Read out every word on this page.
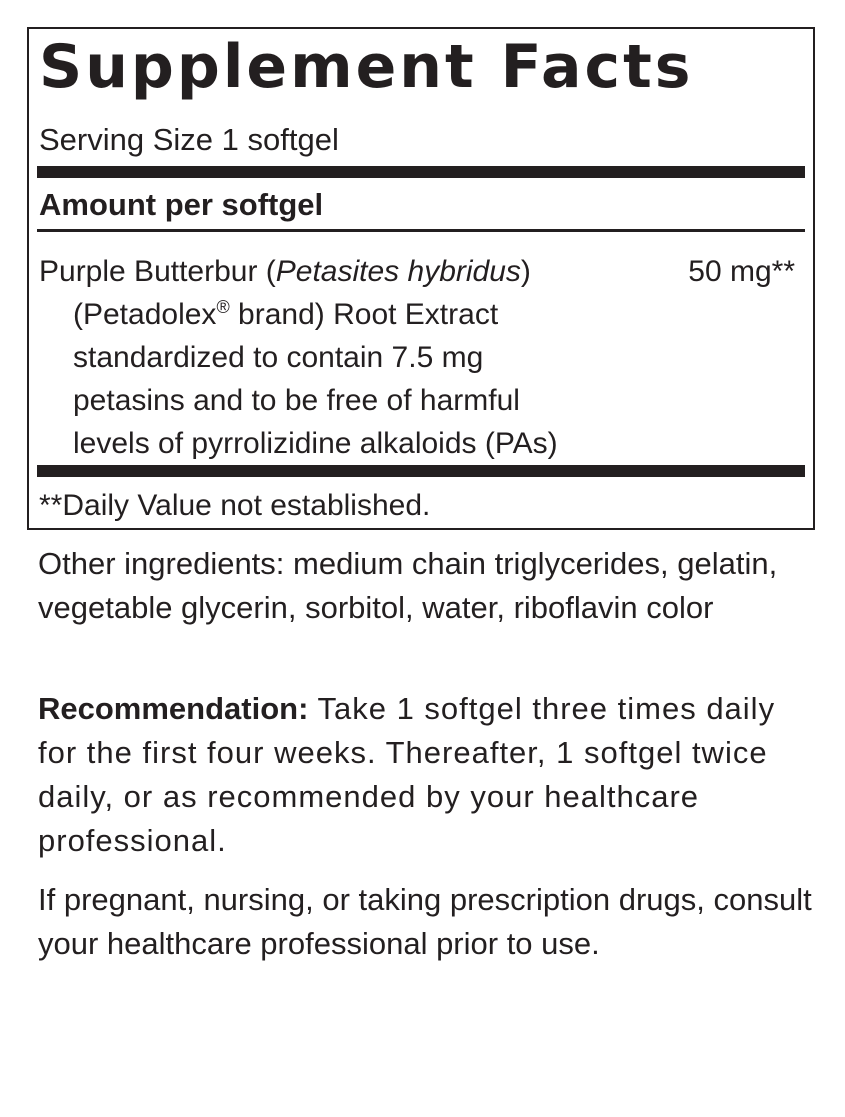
Supplement Facts
Serving Size 1 softgel
Amount per softgel
Purple Butterbur (Petasites hybridus)
(Petadolex® brand) Root Extract
standardized to contain 7.5 mg
petasins and to be free of harmful
levels of pyrrolizidine alkaloids (PAs)
50 mg**
**Daily Value not established.

Other ingredients: medium chain triglycerides, gelatin, vegetable glycerin, sorbitol, water, riboflavin color

Recommendation: Take 1 softgel three times daily for the first four weeks. Thereafter, 1 softgel twice daily, or as recommended by your healthcare professional.

If pregnant, nursing, or taking prescription drugs, consult your healthcare professional prior to use.
